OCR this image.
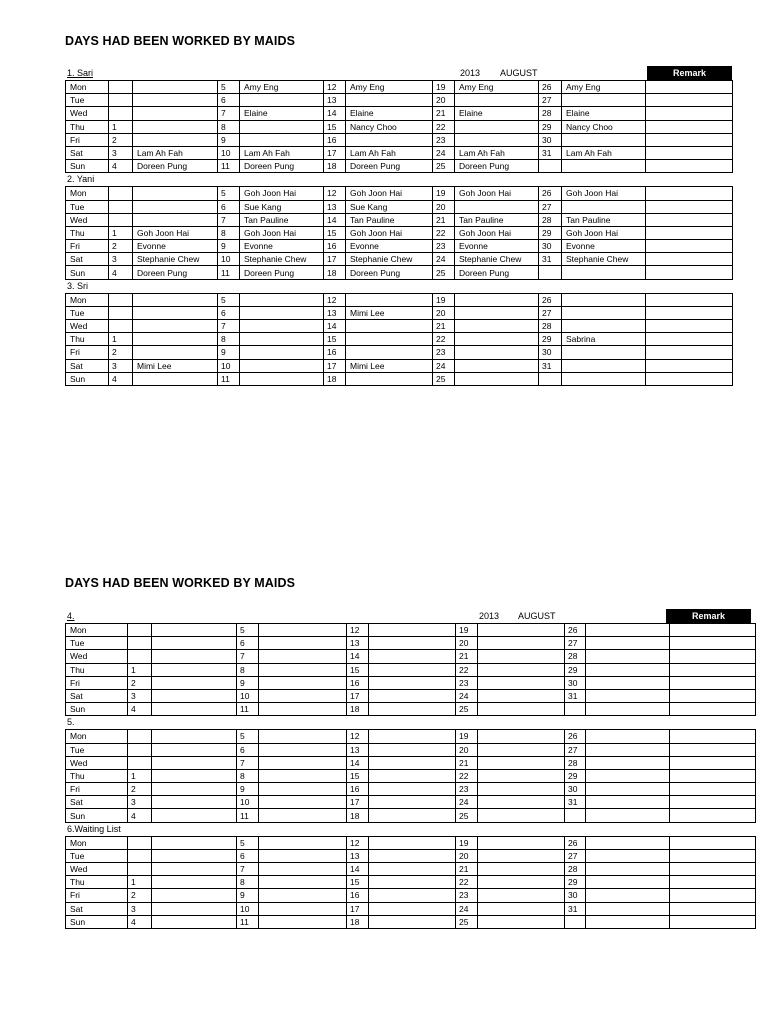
DAYS HAD BEEN WORKED BY MAIDS
1. Sari	2013 AUGUST	Remark
Mon			5	Amy Eng	12	Amy Eng	19	Amy Eng	26	Amy Eng	
Tue			6		13		20		27		
Wed			7	Elaine	14	Elaine	21	Elaine	28	Elaine	
Thu	1		8		15	Nancy Choo	22		29	Nancy Choo	
Fri	2		9		16		23		30		
Sat	3	Lam Ah Fah	10	Lam Ah Fah	17	Lam Ah Fah	24	Lam Ah Fah	31	Lam Ah Fah	
Sun	4	Doreen Pung	11	Doreen Pung	18	Doreen Pung	25	Doreen Pung			
2. Yani
Mon			5	Goh Joon Hai	12	Goh Joon Hai	19	Goh Joon Hai	26	Goh Joon Hai	
Tue			6	Sue Kang	13	Sue Kang	20		27		
Wed			7	Tan Pauline	14	Tan Pauline	21	Tan Pauline	28	Tan Pauline	
Thu	1	Goh Joon Hai	8	Goh Joon Hai	15	Goh Joon Hai	22	Goh Joon Hai	29	Goh Joon Hai	
Fri	2	Evonne	9	Evonne	16	Evonne	23	Evonne	30	Evonne	
Sat	3	Stephanie Chew	10	Stephanie Chew	17	Stephanie Chew	24	Stephanie Chew	31	Stephanie Chew	
Sun	4	Doreen Pung	11	Doreen Pung	18	Doreen Pung	25	Doreen Pung			
3. Sri
Mon			5		12		19		26		
Tue			6		13	Mimi Lee	20		27		
Wed			7		14		21		28		
Thu	1		8		15		22		29	Sabrina	
Fri	2		9		16		23		30		
Sat	3	Mimi Lee	10		17	Mimi Lee	24		31		
Sun	4		11		18		25				
DAYS HAD BEEN WORKED BY MAIDS
4.	2013 AUGUST	Remark
Mon			5		12		19		26		
Tue			6		13		20		27		
Wed			7		14		21		28		
Thu	1		8		15		22		29		
Fri	2		9		16		23		30		
Sat	3		10		17		24		31		
Sun	4		11		18		25				
5.
Mon			5		12		19		26		
Tue			6		13		20		27		
Wed			7		14		21		28		
Thu	1		8		15		22		29		
Fri	2		9		16		23		30		
Sat	3		10		17		24		31		
Sun	4		11		18		25				
6.Waiting List
Mon			5		12		19		26		
Tue			6		13		20		27		
Wed			7		14		21		28		
Thu	1		8		15		22		29		
Fri	2		9		16		23		30		
Sat	3		10		17		24		31		
Sun	4		11		18		25				
